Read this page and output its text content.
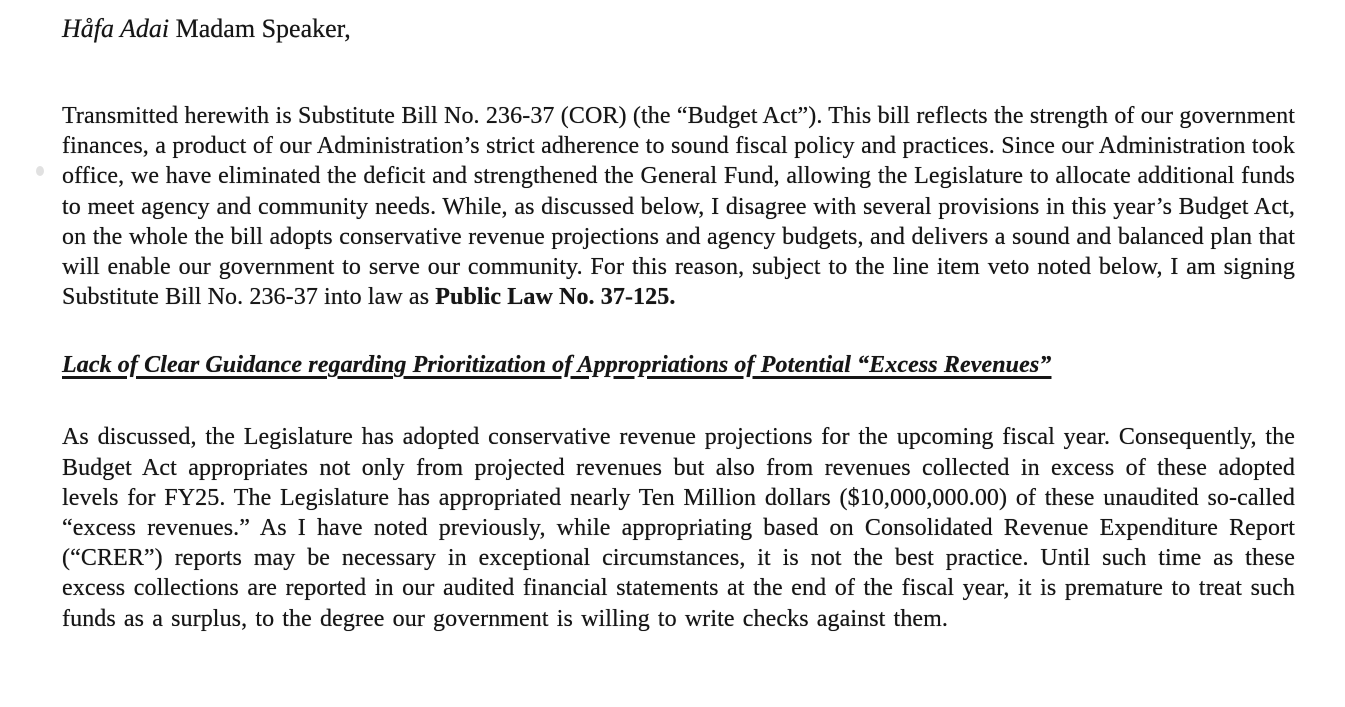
Håfa Adai Madam Speaker,

Transmitted herewith is Substitute Bill No. 236-37 (COR) (the “Budget Act”). This bill reflects the strength of our government finances, a product of our Administration’s strict adherence to sound fiscal policy and practices. Since our Administration took office, we have eliminated the deficit and strengthened the General Fund, allowing the Legislature to allocate additional funds to meet agency and community needs. While, as discussed below, I disagree with several provisions in this year’s Budget Act, on the whole the bill adopts conservative revenue projections and agency budgets, and delivers a sound and balanced plan that will enable our government to serve our community. For this reason, subject to the line item veto noted below, I am signing Substitute Bill No. 236-37 into law as Public Law No. 37-125.

Lack of Clear Guidance regarding Prioritization of Appropriations of Potential “Excess Revenues”

As discussed, the Legislature has adopted conservative revenue projections for the upcoming fiscal year. Consequently, the Budget Act appropriates not only from projected revenues but also from revenues collected in excess of these adopted levels for FY25. The Legislature has appropriated nearly Ten Million dollars ($10,000,000.00) of these unaudited so-called “excess revenues.” As I have noted previously, while appropriating based on Consolidated Revenue Expenditure Report (“CRER”) reports may be necessary in exceptional circumstances, it is not the best practice. Until such time as these excess collections are reported in our audited financial statements at the end of the fiscal year, it is premature to treat such funds as a surplus, to the degree our government is willing to write checks against them.
